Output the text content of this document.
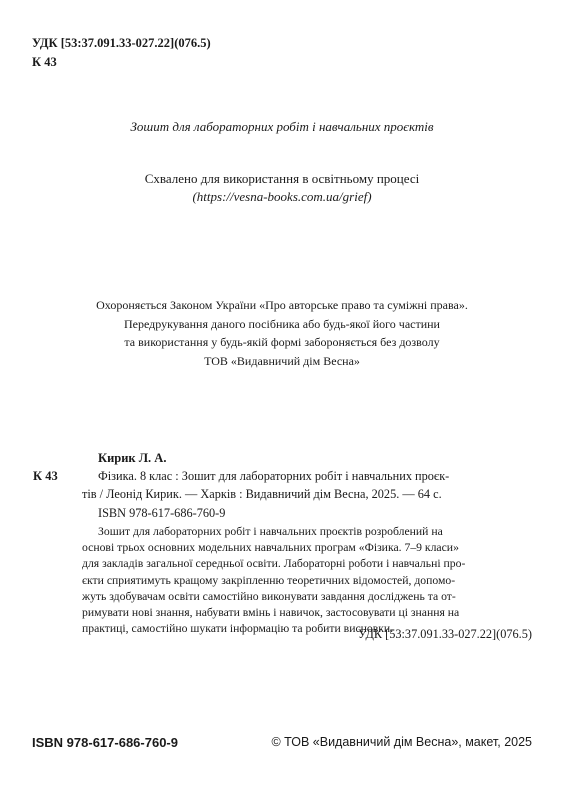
УДК [53:37.091.33-027.22](076.5)
К 43
Зошит для лабораторних робіт і навчальних проєктів
Схвалено для використання в освітньому процесі
(https://vesna-books.com.ua/grief)
Охороняється Законом України «Про авторське право та суміжні права».
Передрукування даного посібника або будь-якої його частини
та використання у будь-якій формі забороняється без дозволу
ТОВ «Видавничий дім Весна»
Кирик Л. А.
К 43	Фізика. 8 клас : Зошит для лабораторних робіт і навчальних проєк-
тів / Леонід Кирик. — Харків : Видавничий дім Весна, 2025. — 64 с.
ISBN 978-617-686-760-9
Зошит для лабораторних робіт і навчальних проєктів розроблений на
основі трьох основних модельних навчальних програм «Фізика. 7–9 класи»
для закладів загальної середньої освіти. Лабораторні роботи і навчальні про-
єкти сприятимуть кращому закріпленню теоретичних відомостей, допомо-
жуть здобувачам освіти самостійно виконувати завдання досліджень та от-
римувати нові знання, набувати вмінь і навичок, застосовувати ці знання на
практиці, самостійно шукати інформацію та робити висновки.
УДК [53:37.091.33-027.22](076.5)
ISBN 978-617-686-760-9	© ТОВ «Видавничий дім Весна», макет, 2025
